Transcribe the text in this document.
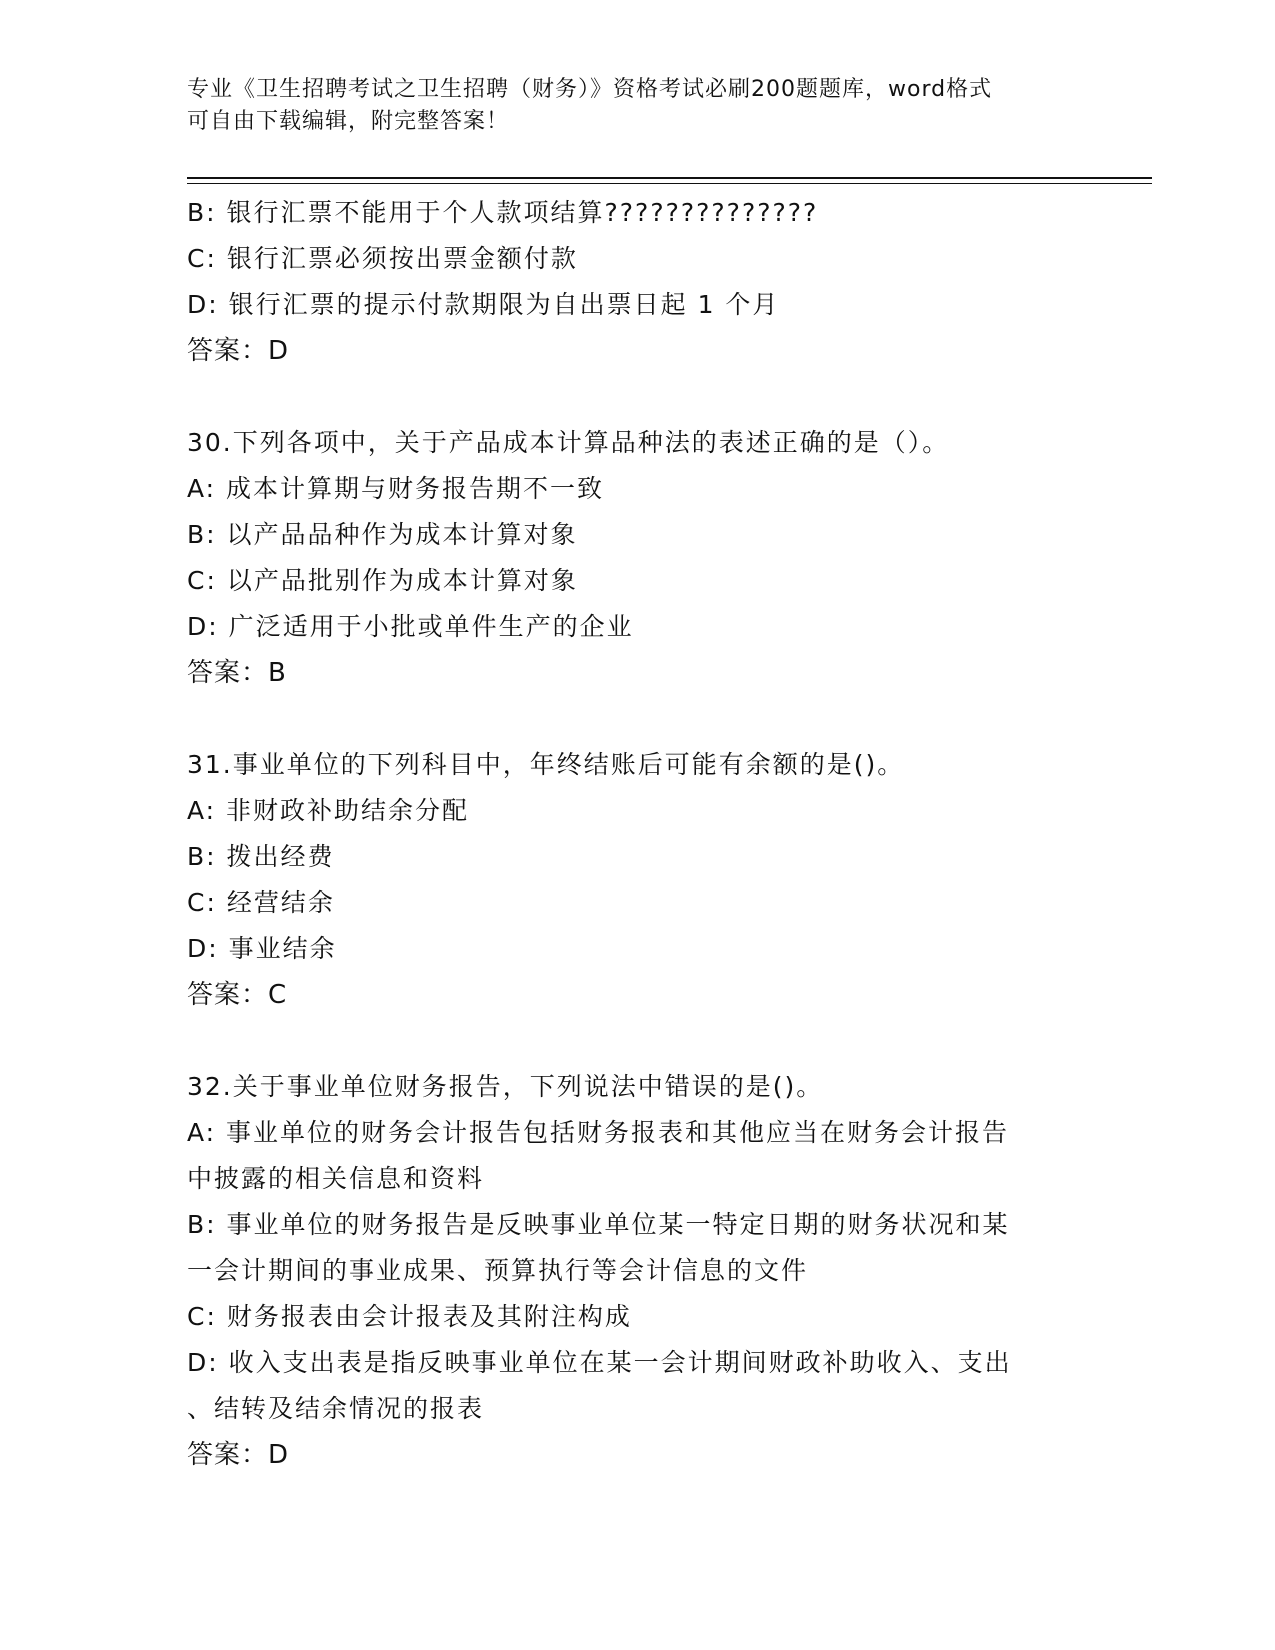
专业《卫生招聘考试之卫生招聘（财务）》资格考试必刷200题题库，word格式
可自由下载编辑，附完整答案！
B: 银行汇票不能用于个人款项结算??????????????
C: 银行汇票必须按出票金额付款
D: 银行汇票的提示付款期限为自出票日起 1 个月
答案：D
30.下列各项中，关于产品成本计算品种法的表述正确的是（）。
A: 成本计算期与财务报告期不一致
B: 以产品品种作为成本计算对象
C: 以产品批别作为成本计算对象
D: 广泛适用于小批或单件生产的企业
答案：B
31.事业单位的下列科目中，年终结账后可能有余额的是()。
A: 非财政补助结余分配
B: 拨出经费
C: 经营结余
D: 事业结余
答案：C
32.关于事业单位财务报告，下列说法中错误的是()。
A: 事业单位的财务会计报告包括财务报表和其他应当在财务会计报告
中披露的相关信息和资料
B: 事业单位的财务报告是反映事业单位某一特定日期的财务状况和某
一会计期间的事业成果、预算执行等会计信息的文件
C: 财务报表由会计报表及其附注构成
D: 收入支出表是指反映事业单位在某一会计期间财政补助收入、支出
、结转及结余情况的报表
答案：D
